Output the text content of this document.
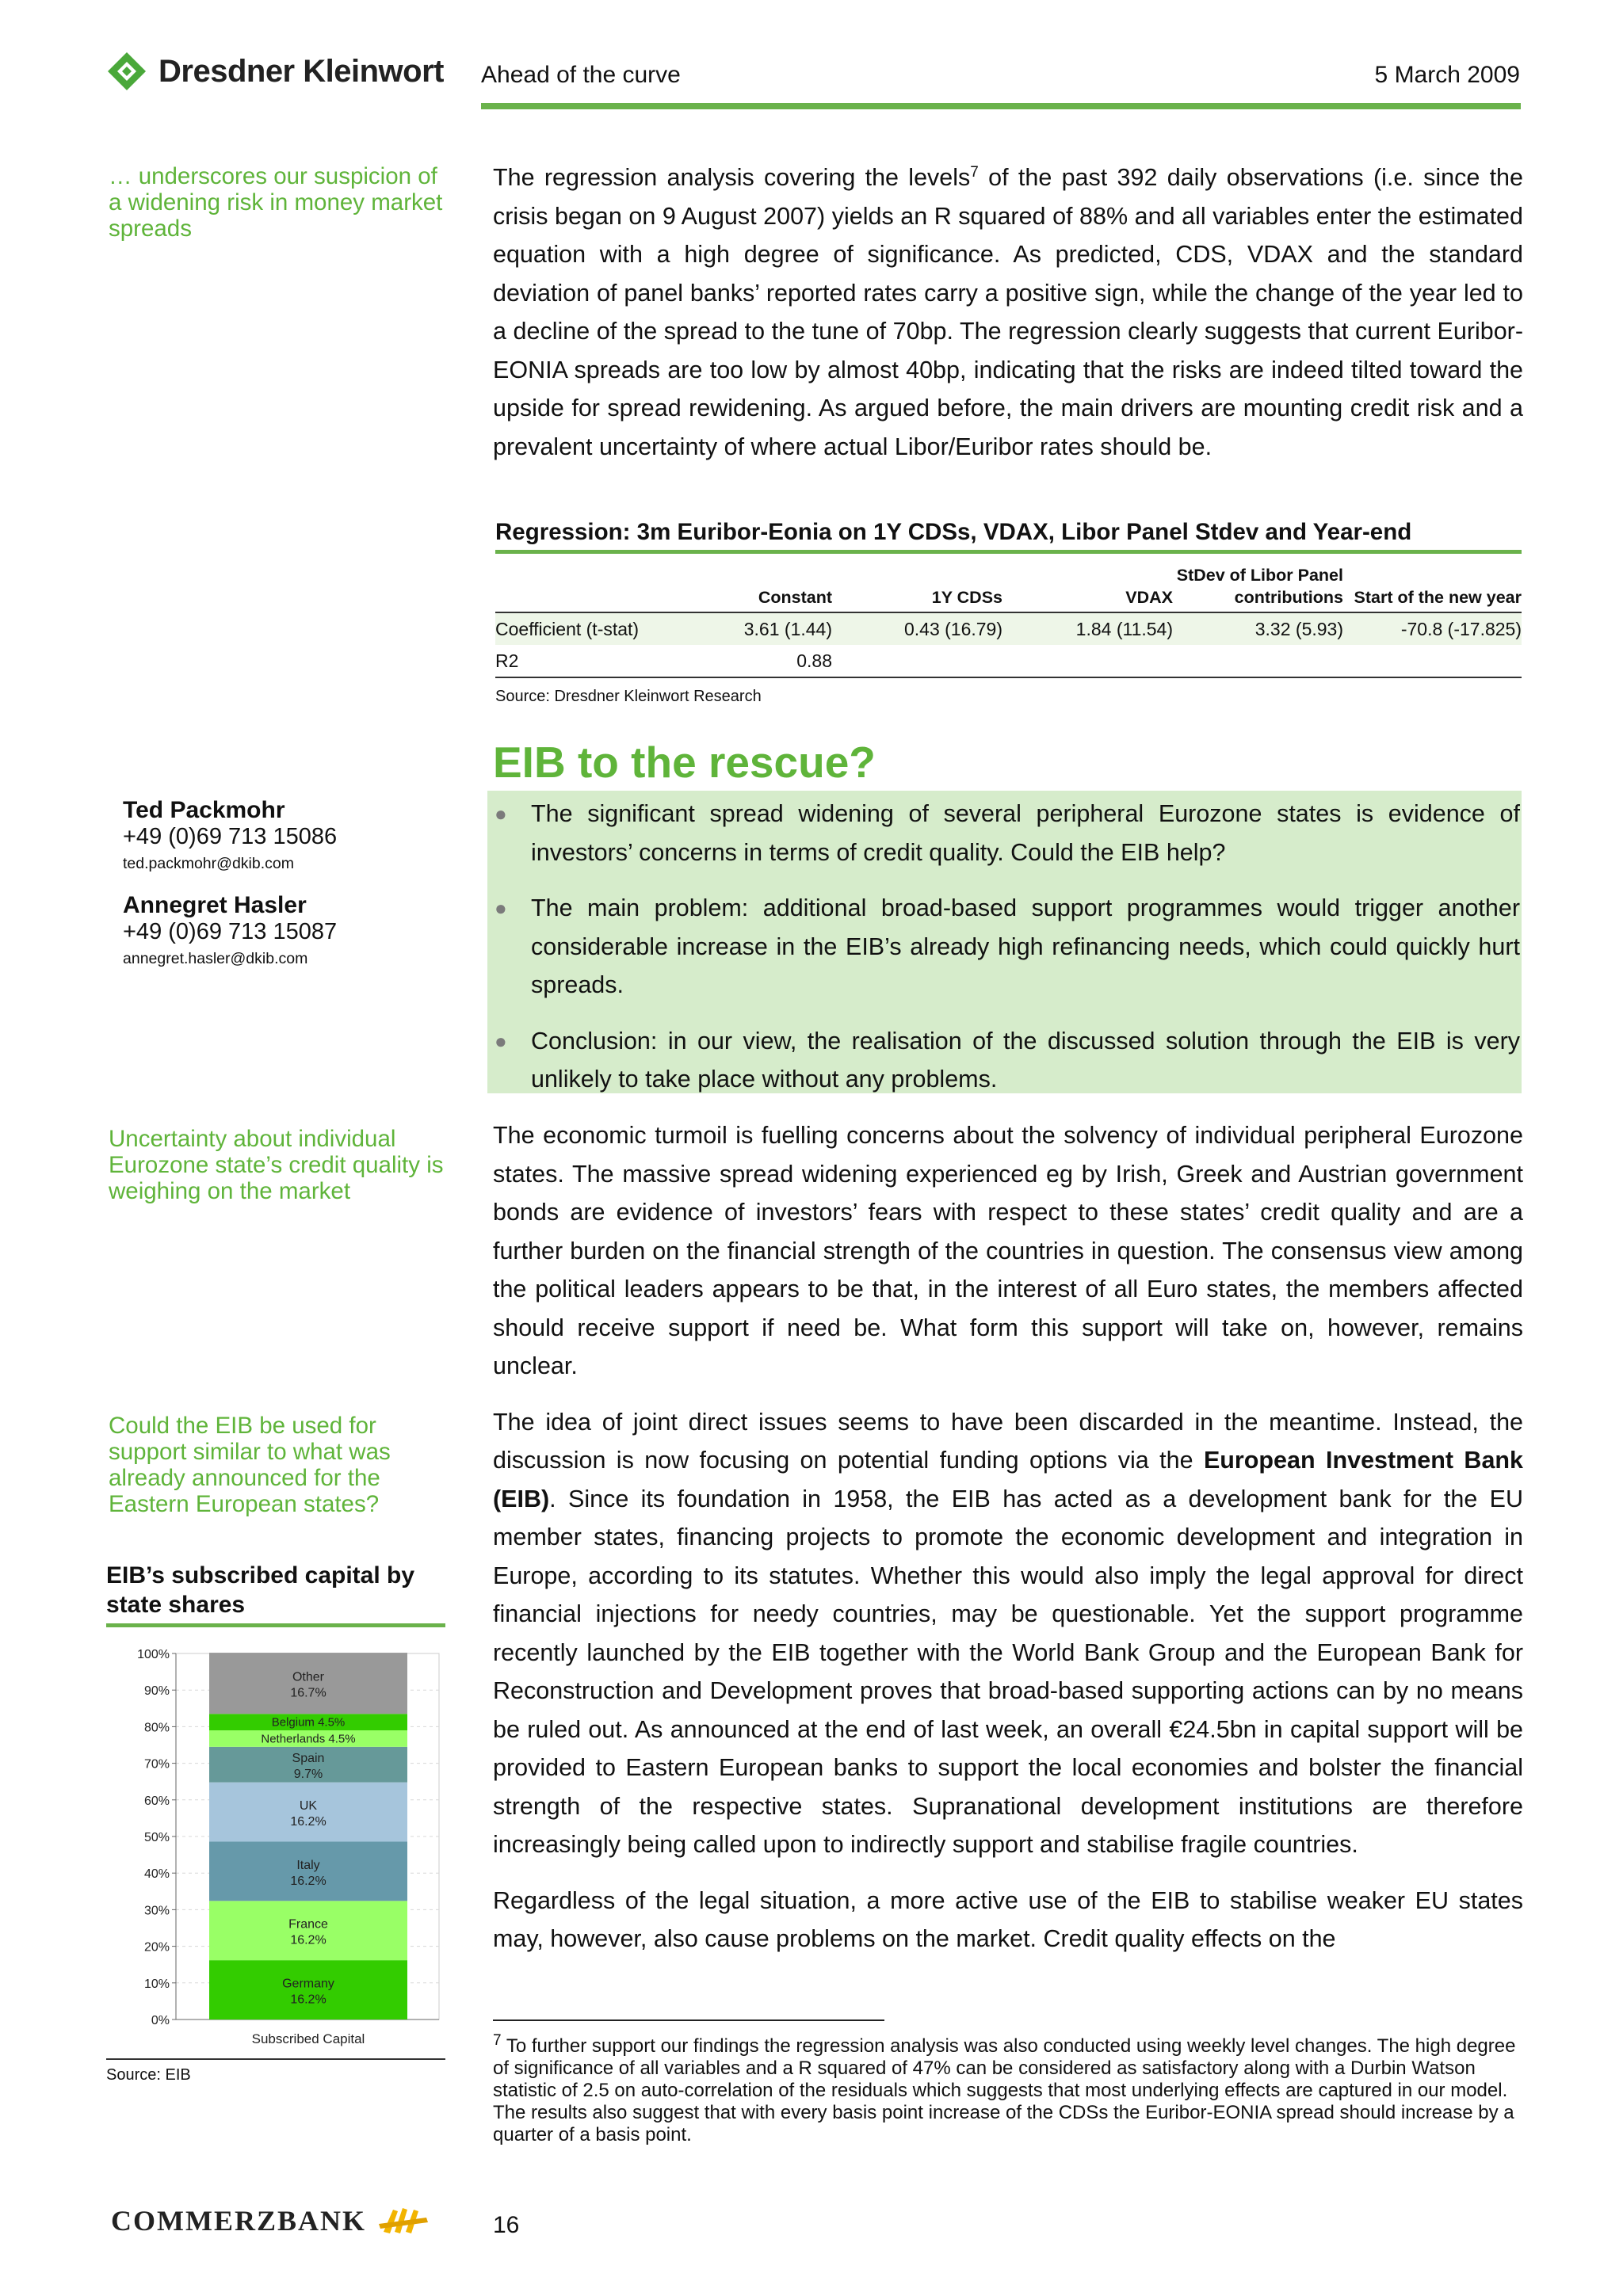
Dresdner Kleinwort Ahead of the curve	5 March 2009
… underscores our suspicion of a widening risk in money market spreads
Uncertainty about individual Eurozone state’s credit quality is weighing on the market
Could the EIB be used for support similar to what was already announced for the Eastern European states?
Ted Packmohr
+49 (0)69 713 15086
ted.packmohr@dkib.com
Annegret Hasler
+49 (0)69 713 15087
annegret.hasler@dkib.com

The regression analysis covering the levels$^7$ of the past 392 daily observations (i.e. since the crisis began on 9 August 2007) yields an R squared of 88% and all variables enter the estimated equation with a high degree of significance. As predicted, CDS, VDAX and the standard deviation of panel banks’ reported rates carry a positive sign, while the change of the year led to a decline of the spread to the tune of 70bp. The regression clearly suggests that current Euribor-EONIA spreads are too low by almost 40bp, indicating that the risks are indeed tilted toward the upside for spread rewidening. As argued before, the main drivers are mounting credit risk and a prevalent uncertainty of where actual Libor/Euribor rates should be.

Regression: 3m Euribor-Eonia on 1Y CDSs, VDAX, Libor Panel Stdev and Year-end
	Constant	1Y CDSs	VDAX	StDev of Libor Panel contributions	Start of the new year
Coefficient (t-stat)	3.61 (1.44)	0.43 (16.79)	1.84 (11.54)	3.32 (5.93)	-70.8 (-17.825)
R2	0.88				
Source: Dresdner Kleinwort Research
EIB to the rescue?
● The significant spread widening of several peripheral Eurozone states is evidence of investors’ concerns in terms of credit quality. Could the EIB help?
● The main problem: additional broad-based support programmes would trigger another considerable increase in the EIB’s already high refinancing needs, which could quickly hurt spreads.
● Conclusion: in our view, the realisation of the discussed solution through the EIB is very unlikely to take place without any problems.

The economic turmoil is fuelling concerns about the solvency of individual peripheral Eurozone states. The massive spread widening experienced eg by Irish, Greek and Austrian government bonds are evidence of investors’ fears with respect to these states’ credit quality and are a further burden on the financial strength of the countries in question. The consensus view among the political leaders appears to be that, in the interest of all Euro states, the members affected should receive support if need be. What form this support will take on, however, remains unclear.

The idea of joint direct issues seems to have been discarded in the meantime. Instead, the discussion is now focusing on potential funding options via the European Investment Bank (EIB). Since its foundation in 1958, the EIB has acted as a development bank for the EU member states, financing projects to promote the economic development and integration in Europe, according to its statutes. Whether this would also imply the legal approval for direct financial injections for needy countries, may be questionable. Yet the support programme recently launched by the EIB together with the World Bank Group and the European Bank for Reconstruction and Development proves that broad-based supporting actions can by no means be ruled out. As announced at the end of last week, an overall €24.5bn in capital support will be provided to Eastern European banks to support the local economies and bolster the financial strength of the respective states. Supranational development institutions are therefore increasingly being called upon to indirectly support and stabilise fragile countries.

Regardless of the legal situation, a more active use of the EIB to stabilise weaker EU states may, however, also cause problems on the market. Credit quality effects on the

$^7$ To further support our findings the regression analysis was also conducted using weekly level changes. The high degree of significance of all variables and a R squared of 47% can be considered as satisfactory along with a Durbin Watson statistic of 2.5 on auto-correlation of the residuals which suggests that most underlying effects are captured in our model. The results also suggest that with every basis point increase of the CDSs the Euribor-EONIA spread should increase by a quarter of a basis point.
EIB’s subscribed capital by state shares
0%
10%
20%
30%
40%
50%
60%
70%
80%
90%
100%
Germany
16.2%
France
16.2%
Italy
16.2%
UK
16.2%
Spain
9.7%
Netherlands 4.5%
Belgium 4.5%
Other
16.7%
Subscribed Capital
Source: EIB
COMMERZBANK	16
